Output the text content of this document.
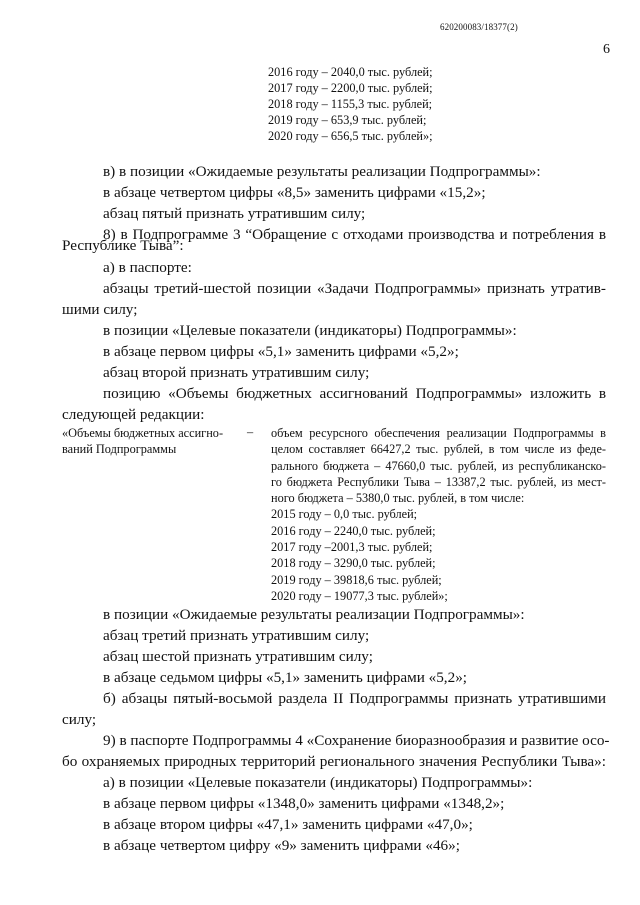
620200083/18377(2)
6
2016 году – 2040,0 тыс. рублей;
2017 году – 2200,0 тыс. рублей;
2018 году – 1155,3 тыс. рублей;
2019 году – 653,9 тыс. рублей;
2020 году – 656,5 тыс. рублей»;
в) в позиции «Ожидаемые результаты реализации Подпрограммы»:
в абзаце четвертом цифры «8,5» заменить цифрами «15,2»;
абзац пятый признать утратившим силу;
8) в Подпрограмме 3 “Обращение с отходами производства и потребления в
Республике Тыва”:
а) в паспорте:
абзацы третий-шестой позиции «Задачи Подпрограммы» признать утратив-
шими силу;
в позиции «Целевые показатели (индикаторы) Подпрограммы»:
в абзаце первом цифры «5,1» заменить цифрами «5,2»;
абзац второй признать утратившим силу;
позицию «Объемы бюджетных ассигнований Подпрограммы» изложить в
следующей редакции:
«Объемы бюджетных ассигно-
ваний Подпрограммы
– объем ресурсного обеспечения реализации Подпрограммы в
целом составляет 66427,2 тыс. рублей, в том числе из феде-
рального бюджета – 47660,0 тыс. рублей, из республиканско-
го бюджета Республики Тыва – 13387,2 тыс. рублей, из мест-
ного бюджета – 5380,0 тыс. рублей, в том числе:
2015 году – 0,0 тыс. рублей;
2016 году – 2240,0 тыс. рублей;
2017 году –2001,3 тыс. рублей;
2018 году – 3290,0 тыс. рублей;
2019 году – 39818,6 тыс. рублей;
2020 году – 19077,3 тыс. рублей»;
в позиции «Ожидаемые результаты реализации Подпрограммы»:
абзац третий признать утратившим силу;
абзац шестой признать утратившим силу;
в абзаце седьмом цифры «5,1» заменить цифрами «5,2»;
б) абзацы пятый-восьмой раздела II Подпрограммы признать утратившими
силу;
9) в паспорте Подпрограммы 4 «Сохранение биоразнообразия и развитие осо-
бо охраняемых природных территорий регионального значения Республики Тыва»:
а) в позиции «Целевые показатели (индикаторы) Подпрограммы»:
в абзаце первом цифры «1348,0» заменить цифрами «1348,2»;
в абзаце втором цифры «47,1» заменить цифрами «47,0»;
в абзаце четвертом цифру «9» заменить цифрами «46»;
